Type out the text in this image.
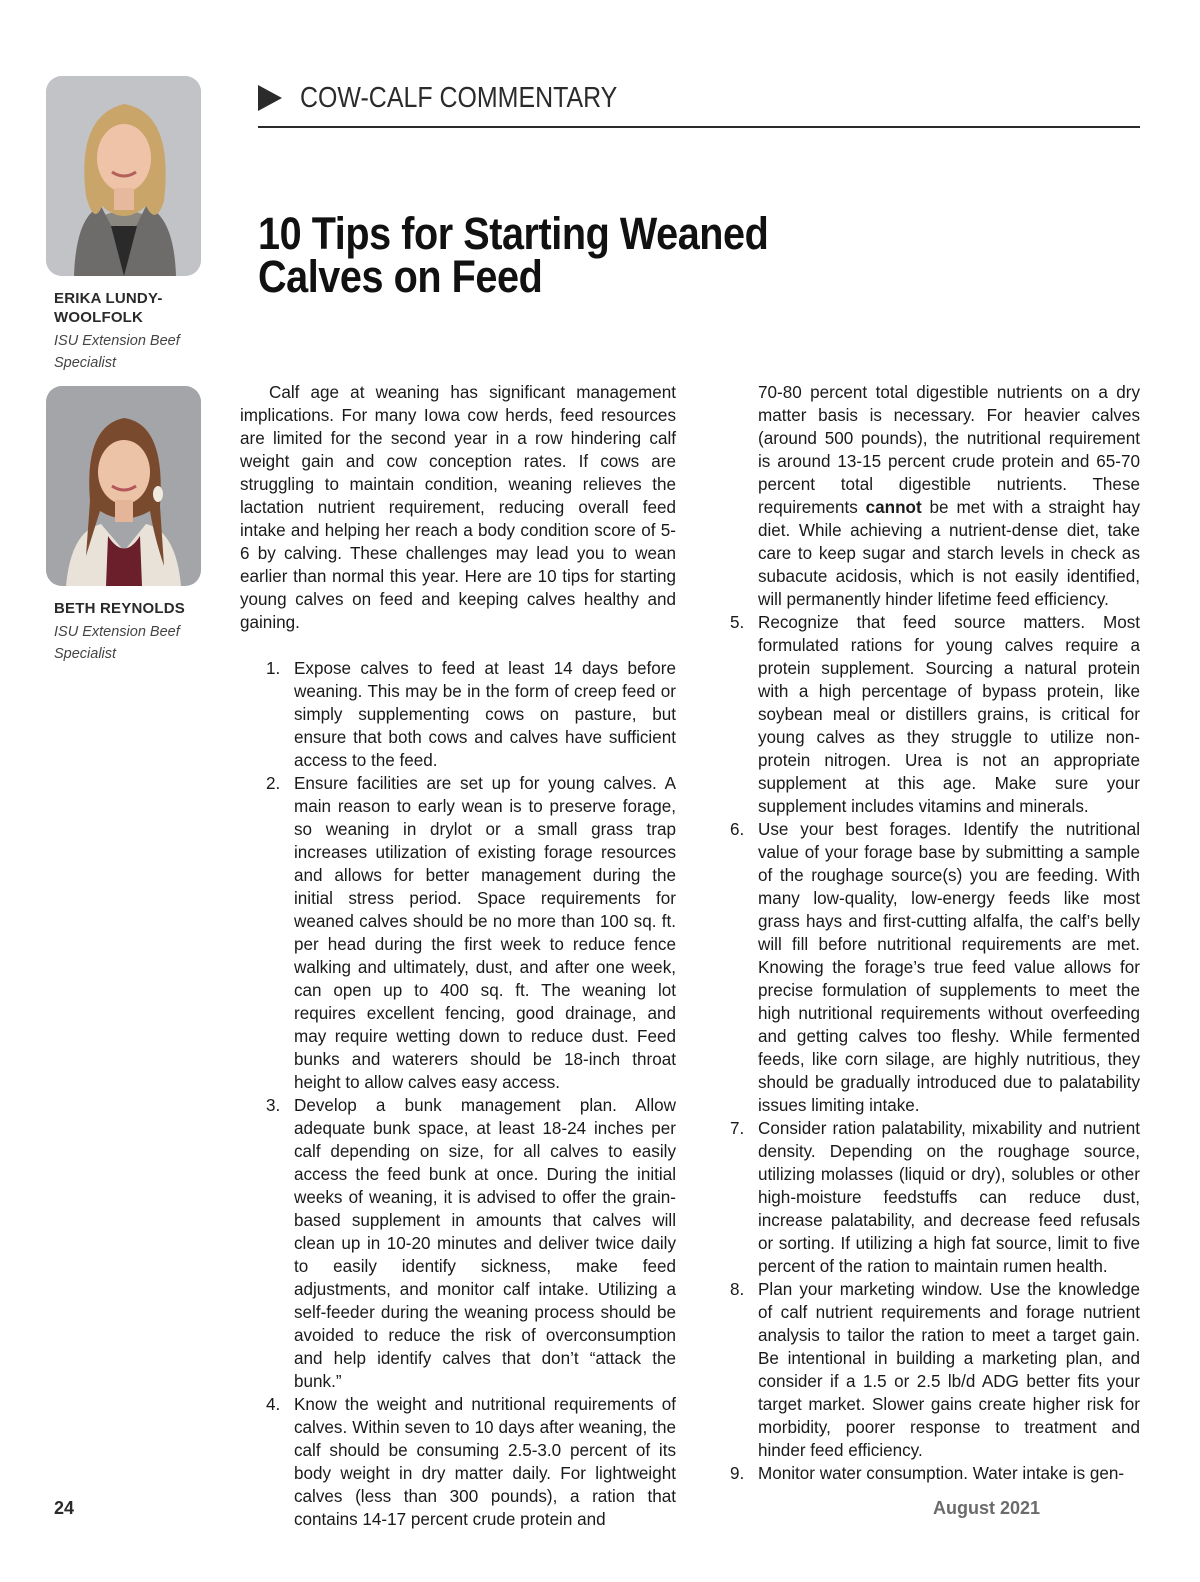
ERIKA LUNDY-WOOLFOLK
ISU Extension Beef Specialist
BETH REYNOLDS
ISU Extension Beef Specialist
COW-CALF COMMENTARY
10 Tips for Starting Weaned
Calves on Feed

Calf age at weaning has significant management implications. For many Iowa cow herds, feed resources are limited for the second year in a row hindering calf weight gain and cow conception rates. If cows are struggling to maintain condition, weaning relieves the lactation nutrient requirement, reducing overall feed intake and helping her reach a body condition score of 5-6 by calving. These challenges may lead you to wean earlier than normal this year. Here are 10 tips for starting young calves on feed and keeping calves healthy and gaining.

1. Expose calves to feed at least 14 days before weaning. This may be in the form of creep feed or simply supplementing cows on pasture, but ensure that both cows and calves have sufficient access to the feed.
2. Ensure facilities are set up for young calves. A main reason to early wean is to preserve forage, so weaning in drylot or a small grass trap increases utilization of existing forage resources and allows for better management during the initial stress period. Space requirements for weaned calves should be no more than 100 sq. ft. per head during the first week to reduce fence walking and ultimately, dust, and after one week, can open up to 400 sq. ft. The weaning lot requires excellent fencing, good drainage, and may require wetting down to reduce dust. Feed bunks and waterers should be 18-inch throat height to allow calves easy access.
3. Develop a bunk management plan. Allow adequate bunk space, at least 18-24 inches per calf depending on size, for all calves to easily access the feed bunk at once. During the initial weeks of weaning, it is advised to offer the grain-based supplement in amounts that calves will clean up in 10-20 minutes and deliver twice daily to easily identify sickness, make feed adjustments, and monitor calf intake. Utilizing a self-feeder during the weaning process should be avoided to reduce the risk of overconsumption and help identify calves that don’t “attack the bunk.”
4. Know the weight and nutritional requirements of calves. Within seven to 10 days after weaning, the calf should be consuming 2.5-3.0 percent of its body weight in dry matter daily. For lightweight calves (less than 300 pounds), a ration that contains 14-17 percent crude protein and

70-80 percent total digestible nutrients on a dry matter basis is necessary. For heavier calves (around 500 pounds), the nutritional requirement is around 13-15 percent crude protein and 65-70 percent total digestible nutrients. These requirements cannot be met with a straight hay diet. While achieving a nutrient-dense diet, take care to keep sugar and starch levels in check as subacute acidosis, which is not easily identified, will permanently hinder lifetime feed efficiency.

5. Recognize that feed source matters. Most formulated rations for young calves require a protein supplement. Sourcing a natural protein with a high percentage of bypass protein, like soybean meal or distillers grains, is critical for young calves as they struggle to utilize non-protein nitrogen. Urea is not an appropriate supplement at this age. Make sure your supplement includes vitamins and minerals.
6. Use your best forages. Identify the nutritional value of your forage base by submitting a sample of the roughage source(s) you are feeding. With many low-quality, low-energy feeds like most grass hays and first-cutting alfalfa, the calf’s belly will fill before nutritional requirements are met. Knowing the forage’s true feed value allows for precise formulation of supplements to meet the high nutritional requirements without overfeeding and getting calves too fleshy. While fermented feeds, like corn silage, are highly nutritious, they should be gradually introduced due to palatability issues limiting intake.
7. Consider ration palatability, mixability and nutrient density. Depending on the roughage source, utilizing molasses (liquid or dry), solubles or other high-moisture feedstuffs can reduce dust, increase palatability, and decrease feed refusals or sorting. If utilizing a high fat source, limit to five percent of the ration to maintain rumen health.
8. Plan your marketing window. Use the knowledge of calf nutrient requirements and forage nutrient analysis to tailor the ration to meet a target gain. Be intentional in building a marketing plan, and consider if a 1.5 or 2.5 lb/d ADG better fits your target market. Slower gains create higher risk for morbidity, poorer response to treatment and hinder feed efficiency.
9. Monitor water consumption. Water intake is gen-
24	August 2021
